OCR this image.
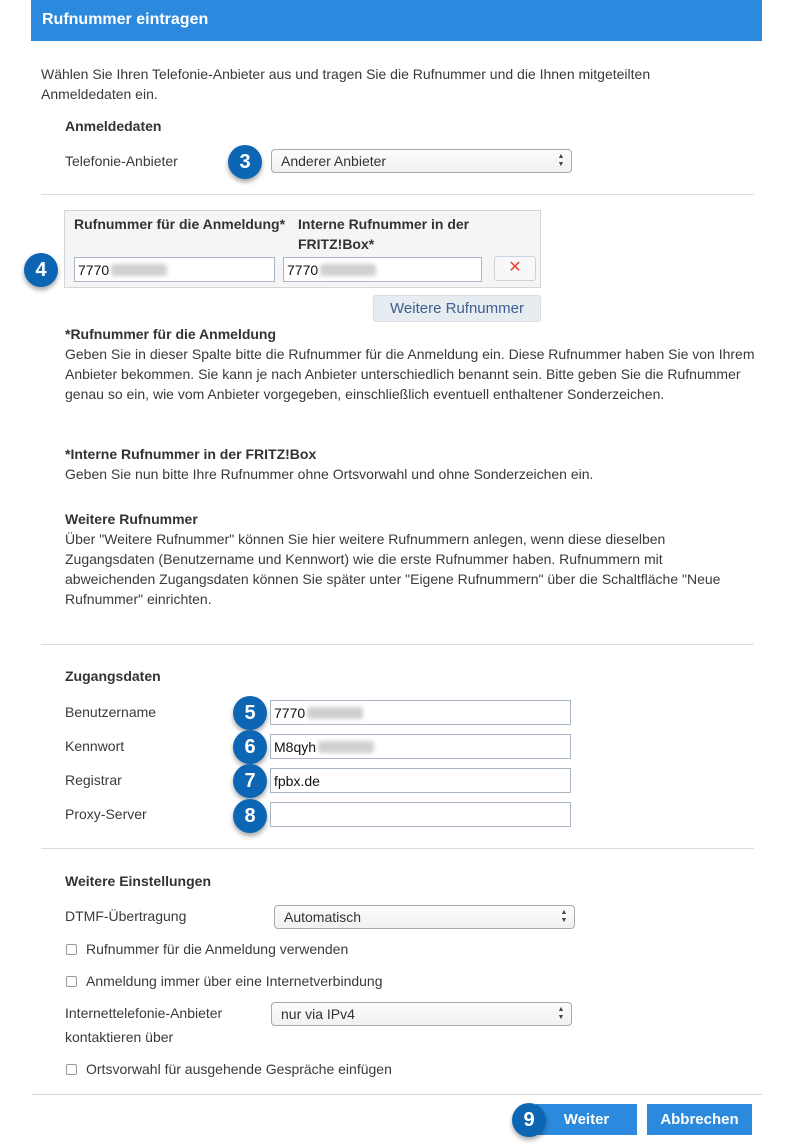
Rufnummer eintragen
Wählen Sie Ihren Telefonie-Anbieter aus und tragen Sie die Rufnummer und die Ihnen mitgeteilten Anmeldedaten ein.
Anmeldedaten
Telefonie-Anbieter	3	Anderer Anbieter	▲
▼
Rufnummer für die Anmeldung* Interne Rufnummer in der FRITZ!Box*
7770	7770	✕
4
Weitere Rufnummer
*Rufnummer für die Anmeldung
Geben Sie in dieser Spalte bitte die Rufnummer für die Anmeldung ein. Diese Rufnummer haben Sie von Ihrem Anbieter bekommen. Sie kann je nach Anbieter unterschiedlich benannt sein. Bitte geben Sie die Rufnummer genau so ein, wie vom Anbieter vorgegeben, einschließlich eventuell enthaltener Sonderzeichen.
*Interne Rufnummer in der FRITZ!Box
Geben Sie nun bitte Ihre Rufnummer ohne Ortsvorwahl und ohne Sonderzeichen ein.
Weitere Rufnummer
Über "Weitere Rufnummer" können Sie hier weitere Rufnummern anlegen, wenn diese dieselben Zugangsdaten (Benutzername und Kennwort) wie die erste Rufnummer haben. Rufnummern mit abweichenden Zugangsdaten können Sie später unter "Eigene Rufnummern" über die Schaltfläche "Neue Rufnummer" einrichten.
Zugangsdaten
Benutzername	5	7770
Kennwort	6	M8qyh
Registrar	7	fpbx.de
Proxy-Server	8
Weitere Einstellungen
DTMF-Übertragung	Automatisch	▲
▼
Rufnummer für die Anmeldung verwenden
Anmeldung immer über eine Internetverbindung
Internettelefonie-Anbieter
kontaktieren über
nur via IPv4	▲
▼
Ortsvorwahl für ausgehende Gespräche einfügen
9	Weiter	Abbrechen
